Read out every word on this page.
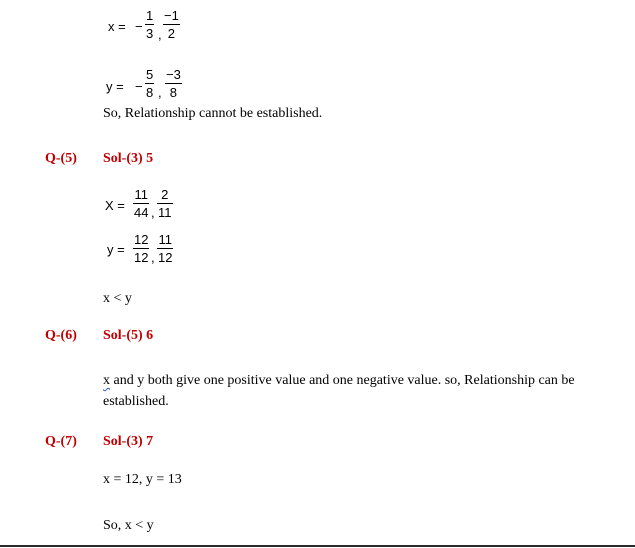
x = − $\frac{1}{3}$ , $\frac{-1}{2}$
y = − $\frac{5}{8}$ , $\frac{-3}{8}$
So, Relationship cannot be established.
Q-(5) Sol-(3) 5
$X = \frac{11}{44}$ , $\frac{2}{11}$
$y = \frac{12}{12}$ , $\frac{11}{12}$
x < y
Q-(6) Sol-(5) 6
x and y both give one positive value and one negative value. so, Relationship can be
established.
Q-(7) Sol-(3) 7
x = 12, y = 13
So, x < y
